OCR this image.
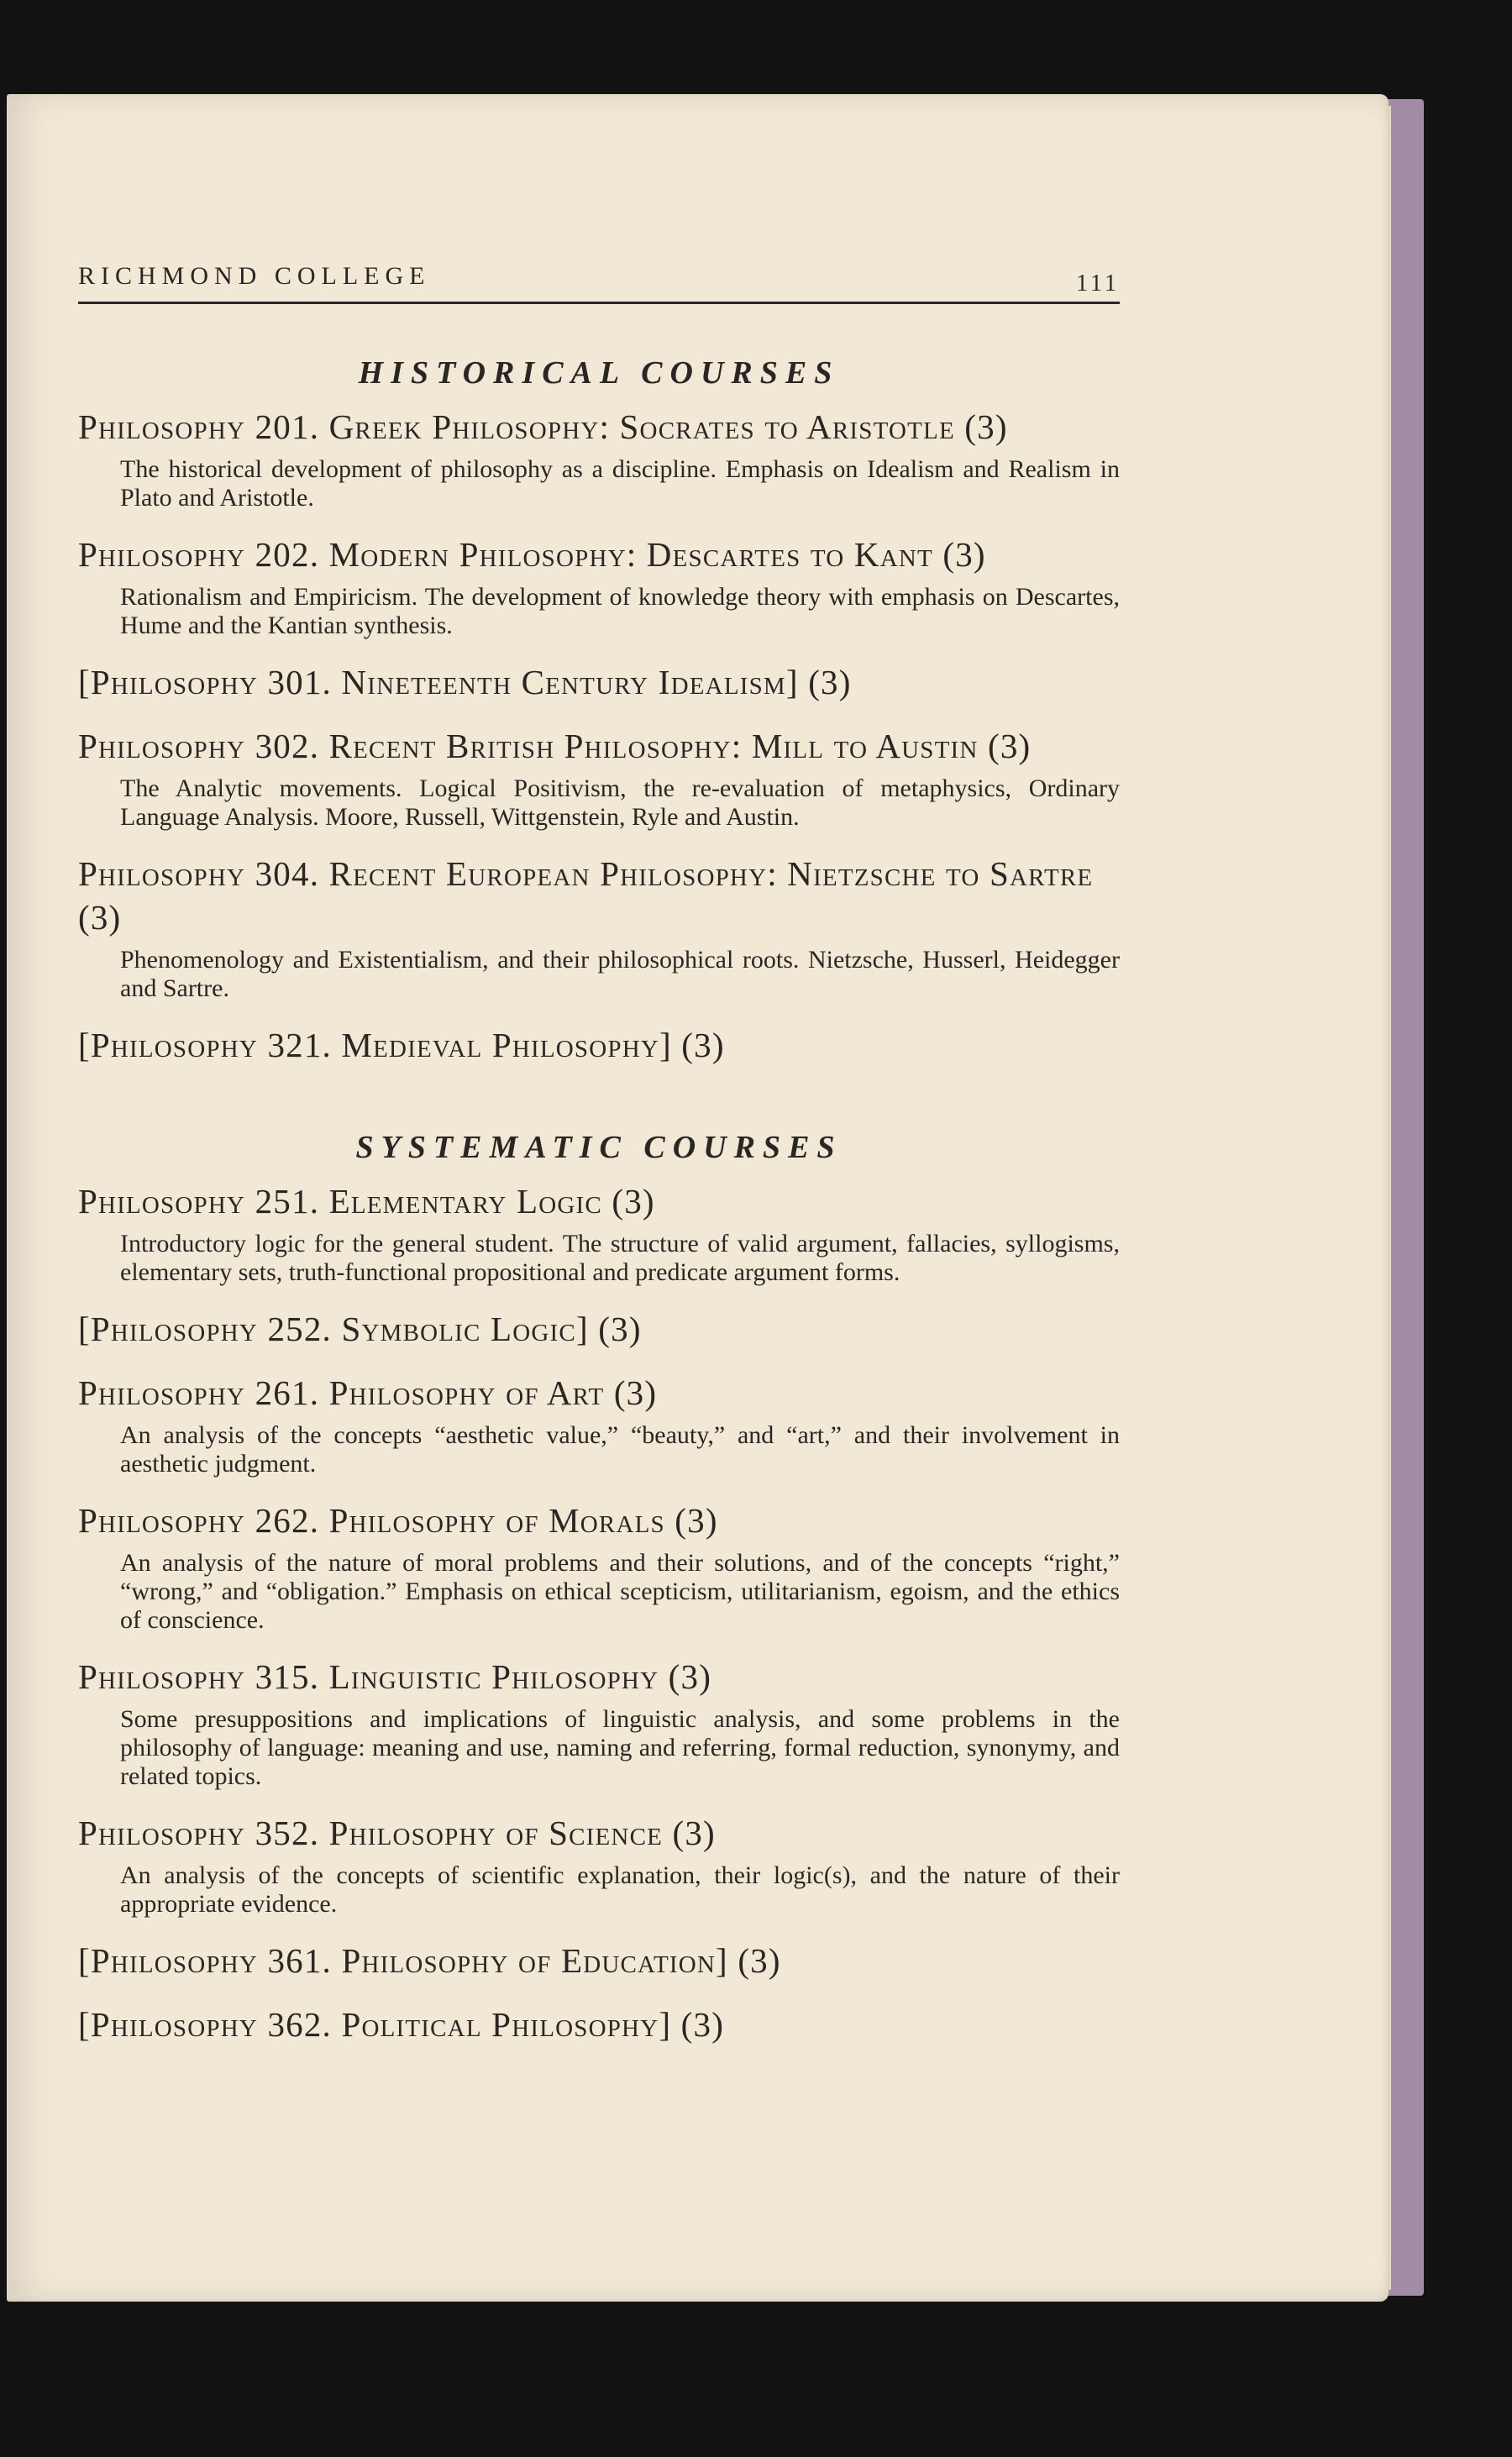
RICHMOND COLLEGE	111
HISTORICAL COURSES
Philosophy 201. Greek Philosophy: Socrates to Aristotle (3)
The historical development of philosophy as a discipline. Emphasis on Idealism and Realism in Plato and Aristotle.
Philosophy 202. Modern Philosophy: Descartes to Kant (3)
Rationalism and Empiricism. The development of knowledge theory with emphasis on Descartes, Hume and the Kantian synthesis.
[Philosophy 301. Nineteenth Century Idealism] (3)
Philosophy 302. Recent British Philosophy: Mill to Austin (3)
The Analytic movements. Logical Positivism, the re-evaluation of metaphysics, Ordinary Language Analysis. Moore, Russell, Wittgenstein, Ryle and Austin.
Philosophy 304. Recent European Philosophy: Nietzsche to Sartre (3)
Phenomenology and Existentialism, and their philosophical roots. Nietzsche, Husserl, Heidegger and Sartre.
[Philosophy 321. Medieval Philosophy] (3)
SYSTEMATIC COURSES
Philosophy 251. Elementary Logic (3)
Introductory logic for the general student. The structure of valid argument, fallacies, syllogisms, elementary sets, truth-functional propositional and predicate argument forms.
[Philosophy 252. Symbolic Logic] (3)
Philosophy 261. Philosophy of Art (3)
An analysis of the concepts “aesthetic value,” “beauty,” and “art,” and their involvement in aesthetic judgment.
Philosophy 262. Philosophy of Morals (3)
An analysis of the nature of moral problems and their solutions, and of the concepts “right,” “wrong,” and “obligation.” Emphasis on ethical scepticism, utilitarianism, egoism, and the ethics of conscience.
Philosophy 315. Linguistic Philosophy (3)
Some presuppositions and implications of linguistic analysis, and some problems in the philosophy of language: meaning and use, naming and referring, formal reduction, synonymy, and related topics.
Philosophy 352. Philosophy of Science (3)
An analysis of the concepts of scientific explanation, their logic(s), and the nature of their appropriate evidence.
[Philosophy 361. Philosophy of Education] (3)
[Philosophy 362. Political Philosophy] (3)
